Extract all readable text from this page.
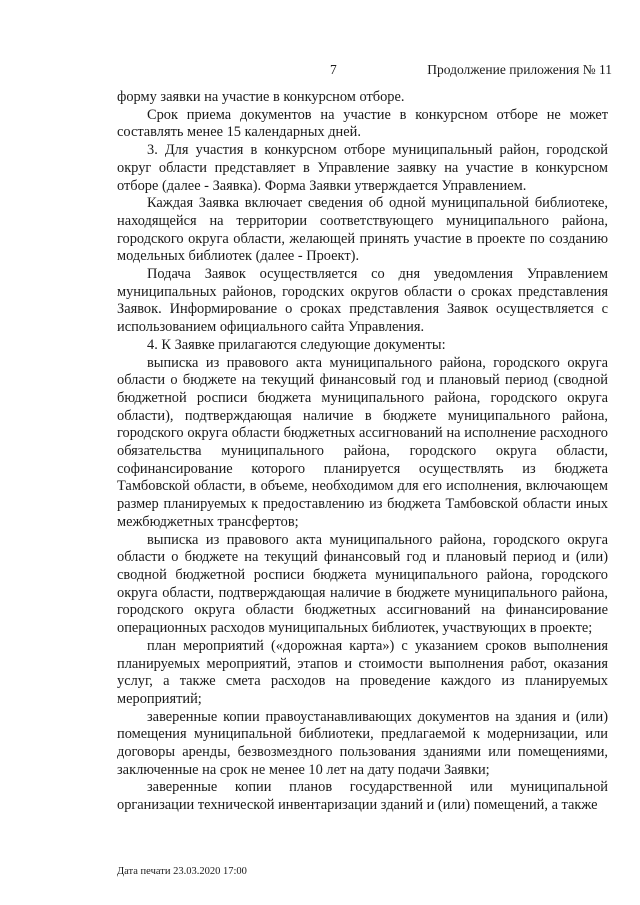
7	Продолжение приложения № 11

форму заявки на участие в конкурсном отборе.

Срок приема документов на участие в конкурсном отборе не может составлять менее 15 календарных дней.

3. Для участия в конкурсном отборе муниципальный район, городской округ области представляет в Управление заявку на участие в конкурсном отборе (далее - Заявка). Форма Заявки утверждается Управлением.

Каждая Заявка включает сведения об одной муниципальной библиотеке, находящейся на территории соответствующего муниципального района, городского округа области, желающей принять участие в проекте по созданию модельных библиотек (далее - Проект).

Подача Заявок осуществляется со дня уведомления Управлением муниципальных районов, городских округов области о сроках представления Заявок. Информирование о сроках представления Заявок осуществляется с использованием официального сайта Управления.

4. К Заявке прилагаются следующие документы:

выписка из правового акта муниципального района, городского округа области о бюджете на текущий финансовый год и плановый период (сводной бюджетной росписи бюджета муниципального района, городского округа области), подтверждающая наличие в бюджете муниципального района, городского округа области бюджетных ассигнований на исполнение расходного обязательства муниципального района, городского округа области, софинансирование которого планируется осуществлять из бюджета Тамбовской области, в объеме, необходимом для его исполнения, включающем размер планируемых к предоставлению из бюджета Тамбовской области иных межбюджетных трансфертов;

выписка из правового акта муниципального района, городского округа области о бюджете на текущий финансовый год и плановый период и (или) сводной бюджетной росписи бюджета муниципального района, городского округа области, подтверждающая наличие в бюджете муниципального района, городского округа области бюджетных ассигнований на финансирование операционных расходов муниципальных библиотек, участвующих в проекте;

план мероприятий («дорожная карта») с указанием сроков выполнения планируемых мероприятий, этапов и стоимости выполнения работ, оказания услуг, а также смета расходов на проведение каждого из планируемых мероприятий;

заверенные копии правоустанавливающих документов на здания и (или) помещения муниципальной библиотеки, предлагаемой к модернизации, или договоры аренды, безвозмездного пользования зданиями или помещениями, заключенные на срок не менее 10 лет на дату подачи Заявки;

заверенные копии планов государственной или муниципальной организации технической инвентаризации зданий и (или) помещений, а также

Дата печати 23.03.2020 17:00
